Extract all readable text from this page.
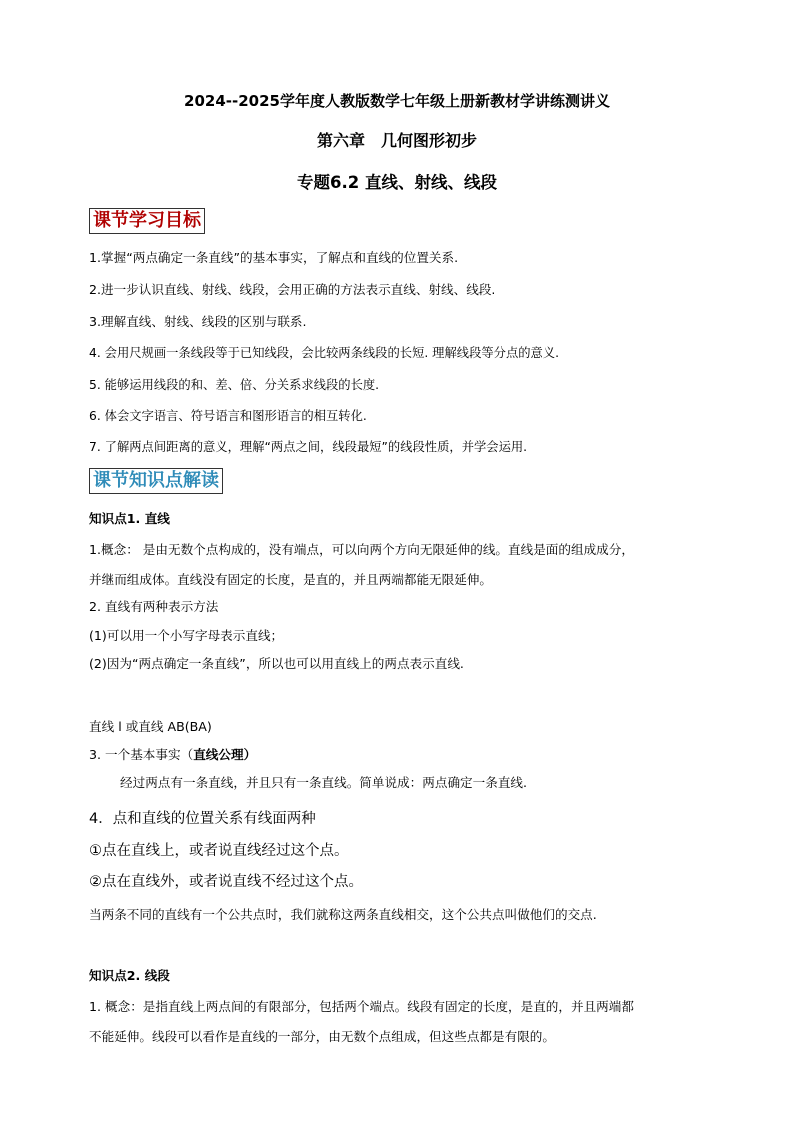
2024--2025学年度人教版数学七年级上册新教材学讲练测讲义
第六章　几何图形初步
专题6.2 直线、射线、线段
课节学习目标
1.掌握“两点确定一条直线”的基本事实，了解点和直线的位置关系.
2.进一步认识直线、射线、线段，会用正确的方法表示直线、射线、线段.
3.理解直线、射线、线段的区别与联系.
4. 会用尺规画一条线段等于已知线段，会比较两条线段的长短. 理解线段等分点的意义.
5. 能够运用线段的和、差、倍、分关系求线段的长度.
6. 体会文字语言、符号语言和图形语言的相互转化.
7. 了解两点间距离的意义，理解“两点之间，线段最短”的线段性质，并学会运用.
课节知识点解读
知识点1. 直线
1.概念： 是由无数个点构成的，没有端点，可以向两个方向无限延伸的线。直线是面的组成成分，
并继而组成体。直线没有固定的长度，是直的，并且两端都能无限延伸。
2. 直线有两种表示方法
(1)可以用一个小写字母表示直线；
(2)因为“两点确定一条直线”，所以也可以用直线上的两点表示直线.
直线 l 或直线 AB(BA)
3. 一个基本事实（直线公理）
经过两点有一条直线，并且只有一条直线。简单说成：两点确定一条直线.
4．点和直线的位置关系有线面两种
①点在直线上，或者说直线经过这个点。
②点在直线外，或者说直线不经过这个点。
当两条不同的直线有一个公共点时，我们就称这两条直线相交，这个公共点叫做他们的交点.
知识点2. 线段
1. 概念：是指直线上两点间的有限部分，包括两个端点。线段有固定的长度，是直的，并且两端都
不能延伸。线段可以看作是直线的一部分，由无数个点组成，但这些点都是有限的。
